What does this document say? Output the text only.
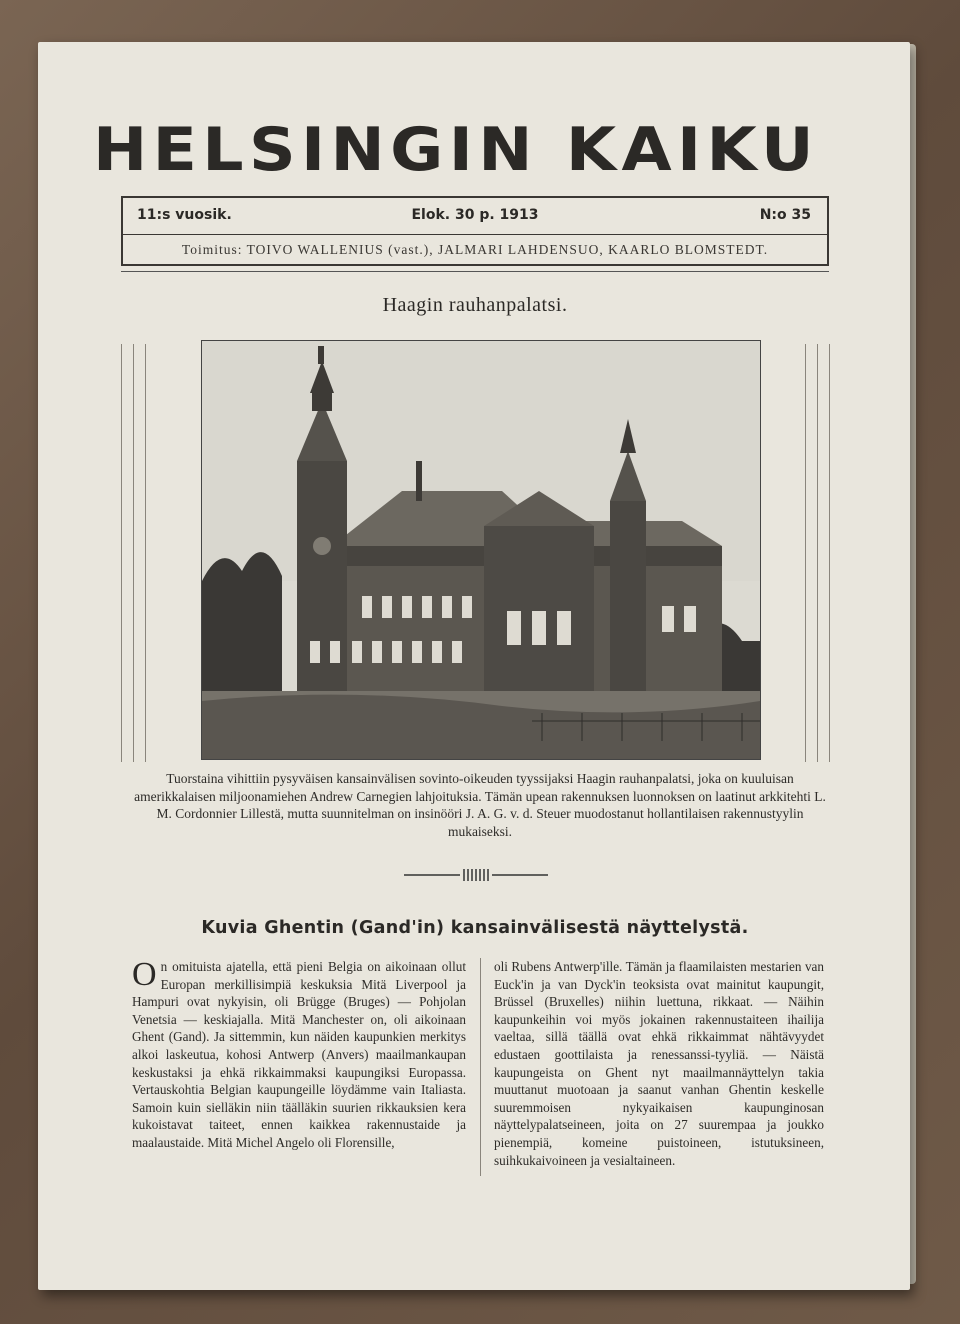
HELSINGIN KAIKU
11:s vuosik.	Elok. 30 p. 1913	N:o 35
Toimitus: TOIVO WALLENIUS (vast.), JALMARI LAHDENSUO, KAARLO BLOMSTEDT.
Haagin rauhanpalatsi.
Tuorstaina vihittiin pysyväisen kansainvälisen sovinto-oikeuden tyyssijaksi Haagin rauhanpalatsi, joka on kuuluisan amerikkalaisen miljoonamiehen Andrew Carnegien lahjoituksia. Tämän upean rakennuksen luonnoksen on laatinut arkkitehti L. M. Cordonnier Lillestä, mutta suunnitelman on insinööri J. A. G. v. d. Steuer muodostanut hollantilaisen rakennustyylin mukaiseksi.
Kuvia Ghentin (Gand'in) kansainvälisestä näyttelystä.
On omituista ajatella, että pieni Belgia on aikoinaan ollut Europan merkillisimpiä keskuksia Mitä Liverpool ja Hampuri ovat nykyisin, oli Brügge (Bruges) — Pohjolan Venetsia — keskiajalla. Mitä Manchester on, oli aikoinaan Ghent (Gand). Ja sittemmin, kun näiden kaupunkien merkitys alkoi laskeutua, kohosi Antwerp (Anvers) maailmankaupan keskustaksi ja ehkä rikkaimmaksi kaupungiksi Europassa. Vertauskohtia Belgian kaupungeille löydämme vain Italiasta. Samoin kuin sielläkin niin täälläkin suurien rikkauksien kera kukoistavat taiteet, ennen kaikkea rakennustaide ja maalaustaide. Mitä Michel Angelo oli Florensille,
oli Rubens Antwerp'ille. Tämän ja flaamilaisten mestarien van Euck'in ja van Dyck'in teoksista ovat mainitut kaupungit, Brüssel (Bruxelles) niihin luettuna, rikkaat. — Näihin kaupunkeihin voi myös jokainen rakennustaiteen ihailija vaeltaa, sillä täällä ovat ehkä rikkaimmat nähtävyydet edustaen goottilaista ja renessanssi-tyyliä. — Näistä kaupungeista on Ghent nyt maailmannäyttelyn takia muuttanut muotoaan ja saanut vanhan Ghentin keskelle suuremmoisen nykyaikaisen kaupunginosan näyttelypalatseineen, joita on 27 suurempaa ja joukko pienempiä, komeine puistoineen, istutuksineen, suihkukaivoineen ja vesialtaineen.
